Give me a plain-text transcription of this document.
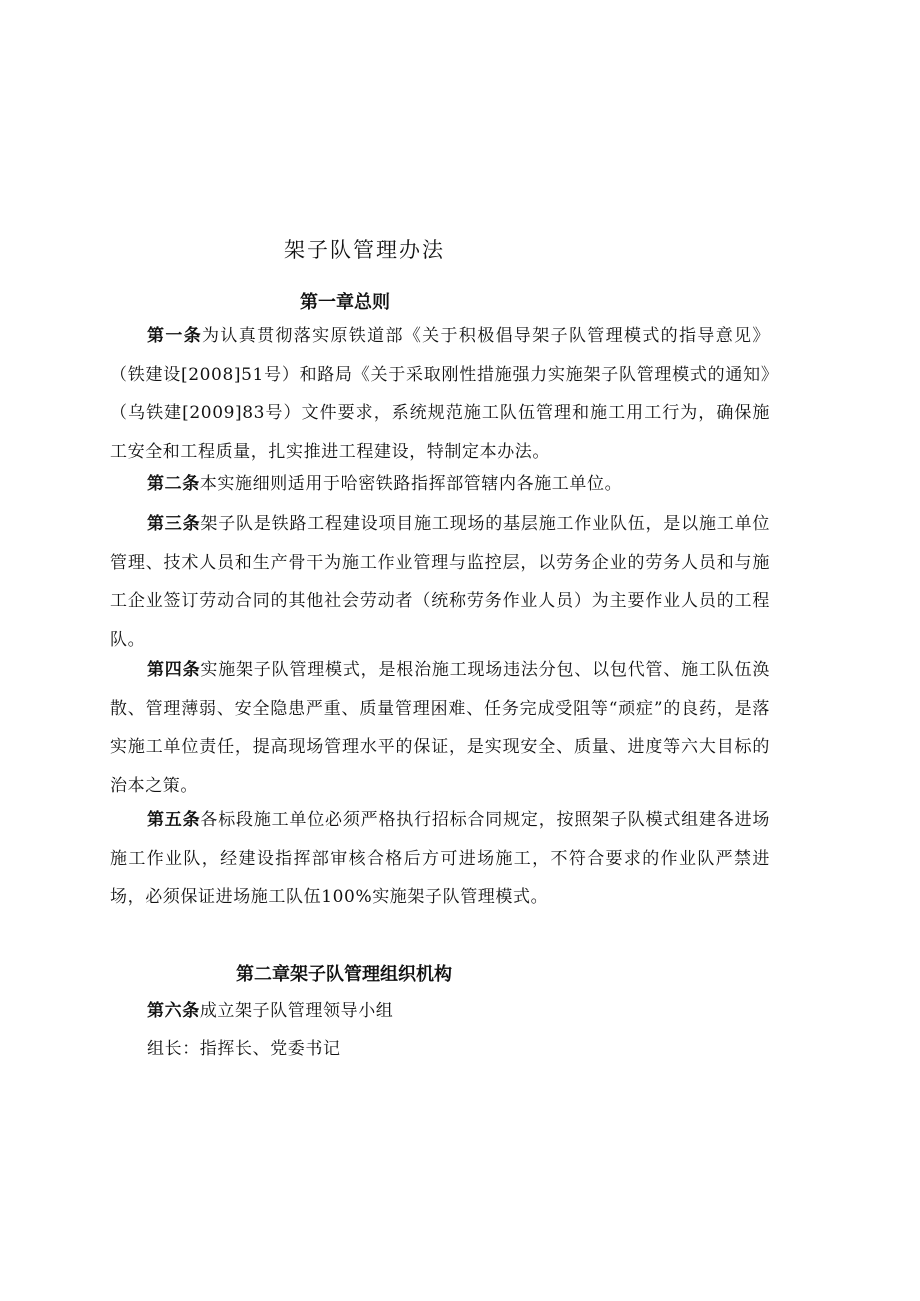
架子队管理办法
第一章总则

第一条为认真贯彻落实原铁道部《关于积极倡导架子队管理模式的指导意见》（铁建设[2008]51号）和路局《关于采取刚性措施强力实施架子队管理模式的通知》（乌铁建[2009]83号）文件要求，系统规范施工队伍管理和施工用工行为，确保施工安全和工程质量，扎实推进工程建设，特制定本办法。

第二条本实施细则适用于哈密铁路指挥部管辖内各施工单位。

第三条架子队是铁路工程建设项目施工现场的基层施工作业队伍，是以施工单位管理、技术人员和生产骨干为施工作业管理与监控层，以劳务企业的劳务人员和与施工企业签订劳动合同的其他社会劳动者（统称劳务作业人员）为主要作业人员的工程队。

第四条实施架子队管理模式，是根治施工现场违法分包、以包代管、施工队伍涣散、管理薄弱、安全隐患严重、质量管理困难、任务完成受阻等“顽症”的良药，是落实施工单位责任，提高现场管理水平的保证，是实现安全、质量、进度等六大目标的治本之策。

第五条各标段施工单位必须严格执行招标合同规定，按照架子队模式组建各进场施工作业队，经建设指挥部审核合格后方可进场施工，不符合要求的作业队严禁进场，必须保证进场施工队伍100%实施架子队管理模式。

第二章架子队管理组织机构

第六条成立架子队管理领导小组

组长：指挥长、党委书记
